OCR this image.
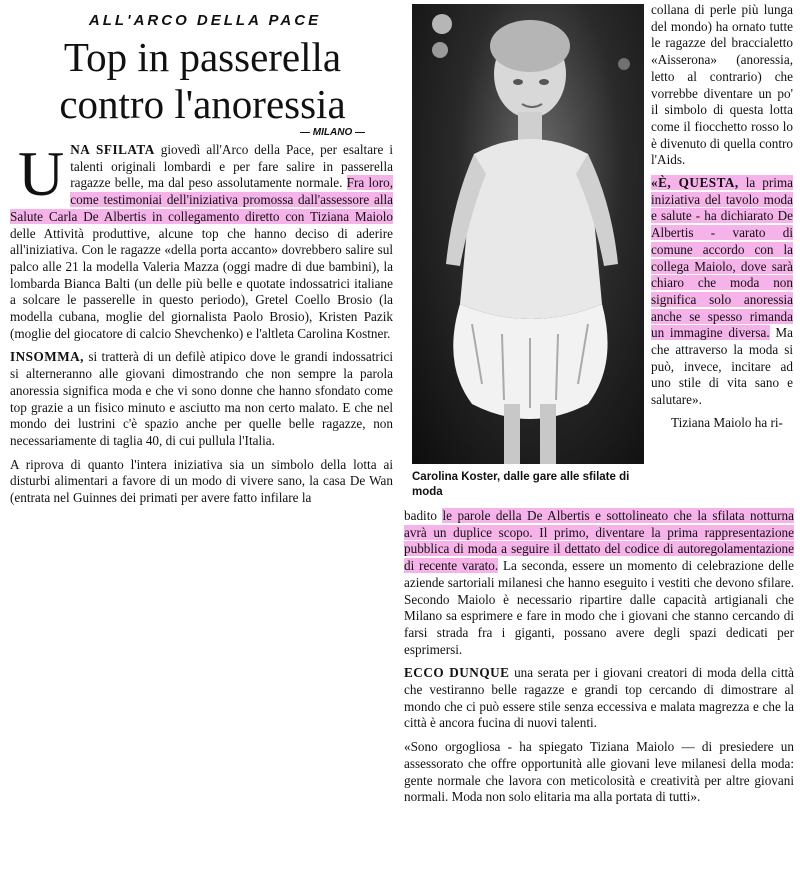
ALL'ARCO DELLA PACE
Top in passerella contro l'anoressia
— MILANO —

UNA SFILATA giovedì all'Arco della Pace, per esaltare i talenti originali lombardi e per fare salire in passerella ragazze belle, ma dal peso assolutamente normale. Fra loro, come testimoniai dell'iniziativa promossa dall'assessore alla Salute Carla De Albertis in collegamento diretto con Tiziana Maiolo delle Attività produttive, alcune top che hanno deciso di aderire all'iniziativa. Con le ragazze «della porta accanto» dovrebbero salire sul palco alle 21 la modella Valeria Mazza (oggi madre di due bambini), la lombarda Bianca Balti (un delle più belle e quotate indossatrici italiane a solcare le passerelle in questo periodo), Gretel Coello Brosio (la modella cubana, moglie del giornalista Paolo Brosio), Kristen Pazik (moglie del giocatore di calcio Shevchenko) e l'altleta Carolina Kostner.

INSOMMA, si tratterà di un defilè atipico dove le grandi indossatrici si alterneranno alle giovani dimostrando che non sempre la parola anoressia significa moda e che vi sono donne che hanno sfondato come top grazie a un fisico minuto e asciutto ma non certo malato. E che nel mondo dei lustrini c'è spazio anche per quelle belle ragazze, non necessariamente di taglia 40, di cui pullula l'Italia.

A riprova di quanto l'intera iniziativa sia un simbolo della lotta ai disturbi alimentari a favore di un modo di vivere sano, la casa De Wan (entrata nel Guinnes dei primati per avere fatto infilare la

Carolina Koster, dalle gare alle sfilate di moda

collana di perle più lunga del mondo) ha ornato tutte le ragazze del braccialetto «Aisserona» (anoressia, letto al contrario) che vorrebbe diventare un po' il simbolo di questa lotta come il fiocchetto rosso lo è divenuto di quella contro l'Aids.

«È, QUESTA, la prima iniziativa del tavolo moda e salute - ha dichiarato De Albertis - varato di comune accordo con la collega Maiolo, dove sarà chiaro che moda non significa solo anoressia anche se spesso rimanda un immagine diversa. Ma che attraverso la moda si può, invece, incitare ad uno stile di vita sano e salutare».

Tiziana Maiolo ha ri-

badito le parole della De Albertis e sottolineato che la sfilata notturna avrà un duplice scopo. Il primo, diventare la prima rappresentazione pubblica di moda a seguire il dettato del codice di autoregolamentazione di recente varato. La seconda, essere un momento di celebrazione delle aziende sartoriali milanesi che hanno eseguito i vestiti che devono sfilare. Secondo Maiolo è necessario ripartire dalle capacità artigianali che Milano sa esprimere e fare in modo che i giovani che stanno cercando di farsi strada fra i giganti, possano avere degli spazi dedicati per esprimersi.

ECCO DUNQUE una serata per i giovani creatori di moda della città che vestiranno belle ragazze e grandi top cercando di dimostrare al mondo che ci può essere stile senza eccessiva e malata magrezza e che la città è ancora fucina di nuovi talenti.

«Sono orgogliosa - ha spiegato Tiziana Maiolo — di presiedere un assessorato che offre opportunità alle giovani leve milanesi della moda: gente normale che lavora con meticolosità e creatività per altre giovani normali. Moda non solo elitaria ma alla portata di tutti».
